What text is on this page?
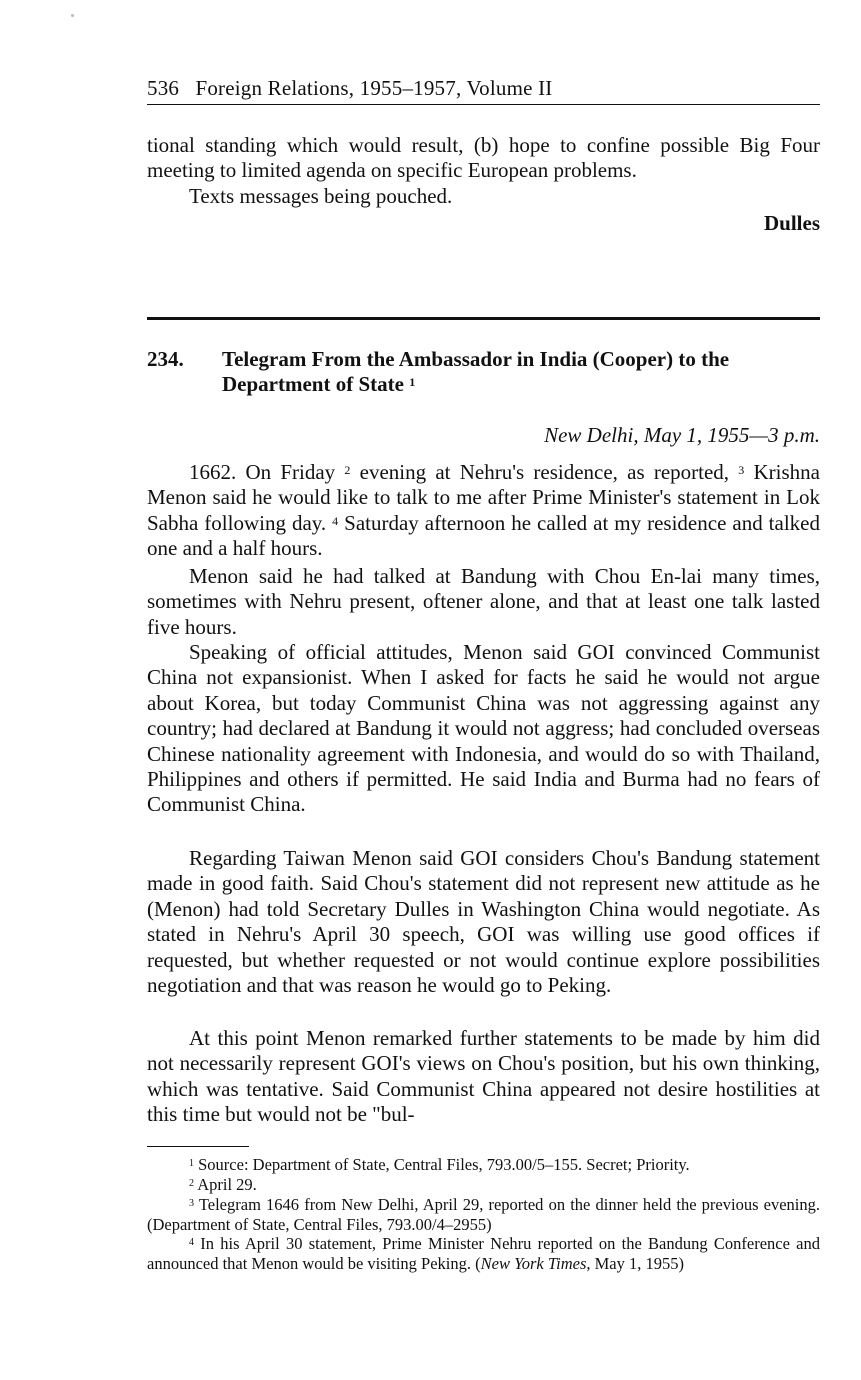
536   Foreign Relations, 1955–1957, Volume II

tional standing which would result, (b) hope to confine possible Big Four meeting to limited agenda on specific European problems.

Texts messages being pouched.

Dulles
234. Telegram From the Ambassador in India (Cooper) to the Department of State $^1$
New Delhi, May 1, 1955—3 p.m.

1662. On Friday $^2$ evening at Nehru's residence, as reported, $^3$ Krishna Menon said he would like to talk to me after Prime Minister's statement in Lok Sabha following day. $^4$ Saturday afternoon he called at my residence and talked one and a half hours.

Menon said he had talked at Bandung with Chou En-lai many times, sometimes with Nehru present, oftener alone, and that at least one talk lasted five hours.

Speaking of official attitudes, Menon said GOI convinced Communist China not expansionist. When I asked for facts he said he would not argue about Korea, but today Communist China was not aggressing against any country; had declared at Bandung it would not aggress; had concluded overseas Chinese nationality agreement with Indonesia, and would do so with Thailand, Philippines and others if permitted. He said India and Burma had no fears of Communist China.

Regarding Taiwan Menon said GOI considers Chou's Bandung statement made in good faith. Said Chou's statement did not represent new attitude as he (Menon) had told Secretary Dulles in Washington China would negotiate. As stated in Nehru's April 30 speech, GOI was willing use good offices if requested, but whether requested or not would continue explore possibilities negotiation and that was reason he would go to Peking.

At this point Menon remarked further statements to be made by him did not necessarily represent GOI's views on Chou's position, but his own thinking, which was tentative. Said Communist China appeared not desire hostilities at this time but would not be "bul-

$^1$ Source: Department of State, Central Files, 793.00/5–155. Secret; Priority.

$^2$ April 29.

$^3$ Telegram 1646 from New Delhi, April 29, reported on the dinner held the previous evening. (Department of State, Central Files, 793.00/4–2955)

$^4$ In his April 30 statement, Prime Minister Nehru reported on the Bandung Conference and announced that Menon would be visiting Peking. (New York Times, May 1, 1955)
